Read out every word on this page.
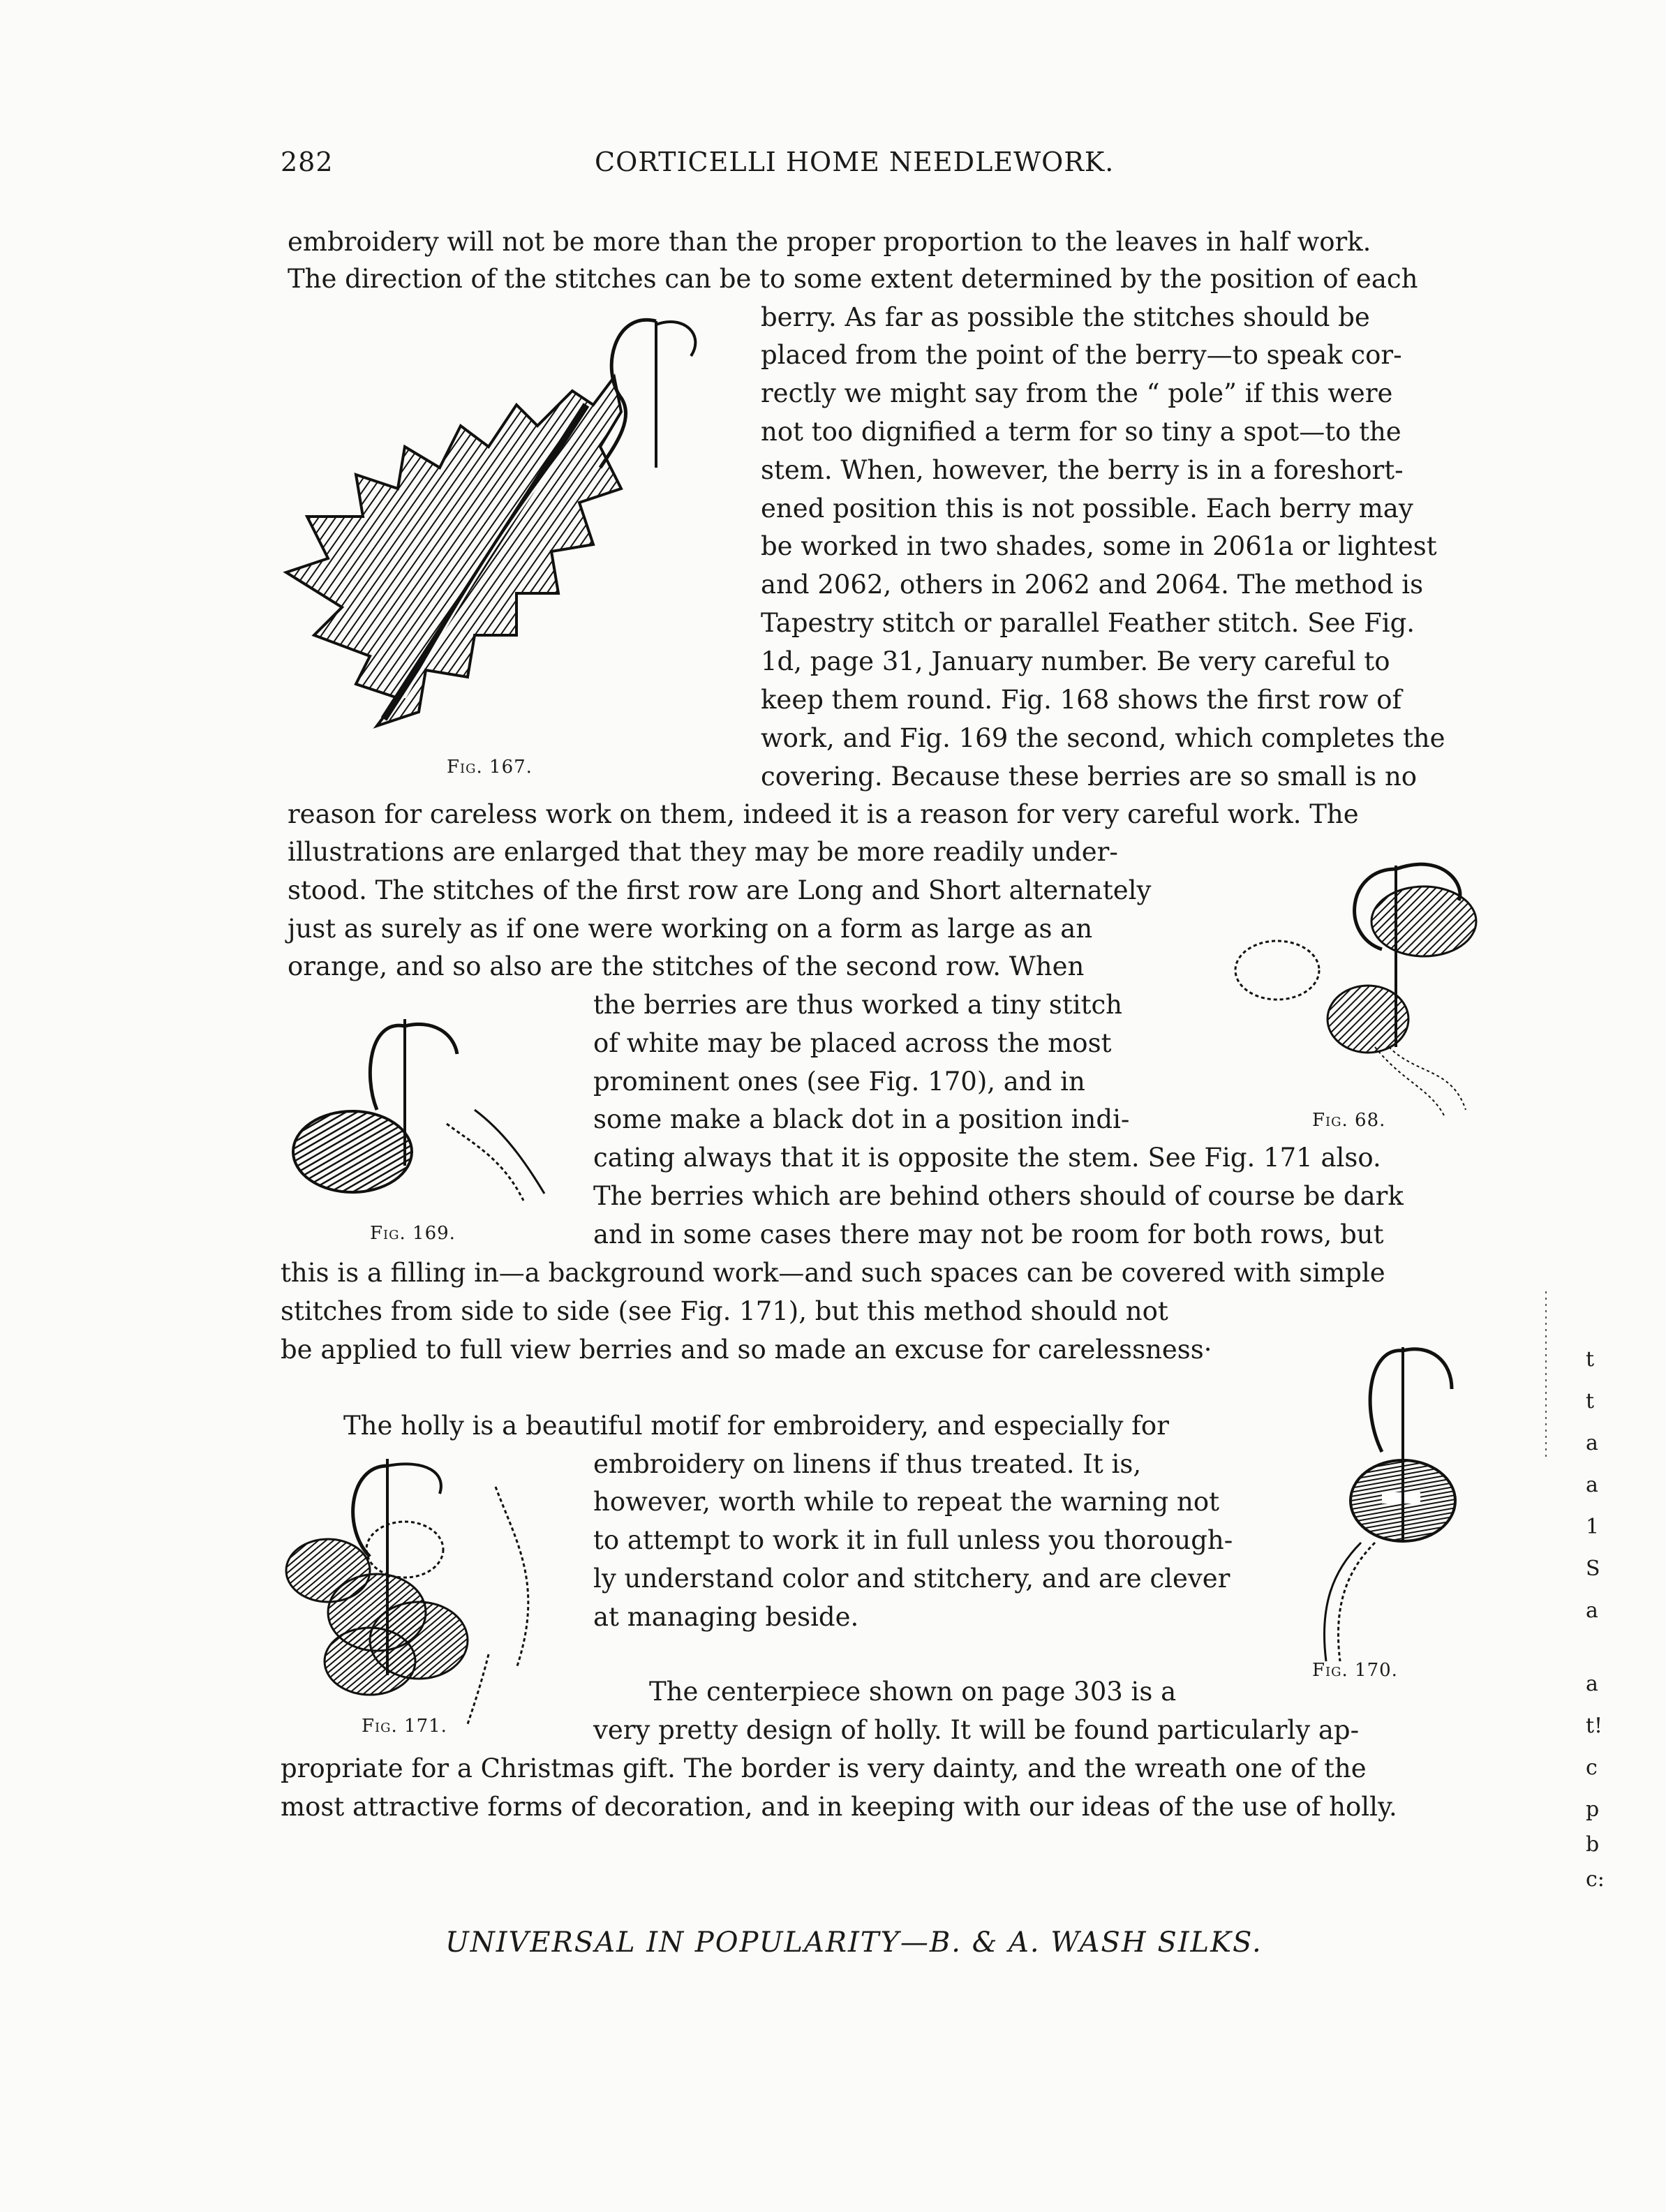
282	CORTICELLI HOME NEEDLEWORK.
embroidery will not be more than the proper proportion to the leaves in half work.
The direction of the stitches can be to some extent determined by the position of each
berry. As far as possible the stitches should be
placed from the point of the berry—to speak cor-
rectly we might say from the “ pole” if this were
not too dignified a term for so tiny a spot—to the
stem. When, however, the berry is in a foreshort-
ened position this is not possible. Each berry may
be worked in two shades, some in 2061a or lightest
and 2062, others in 2062 and 2064. The method is
Tapestry stitch or parallel Feather stitch. See Fig.
1d, page 31, January number. Be very careful to
keep them round. Fig. 168 shows the first row of
work, and Fig. 169 the second, which completes the
covering. Because these berries are so small is no
reason for careless work on them, indeed it is a reason for very careful work. The
illustrations are enlarged that they may be more readily under-
stood. The stitches of the first row are Long and Short alternately
just as surely as if one were working on a form as large as an
orange, and so also are the stitches of the second row. When
the berries are thus worked a tiny stitch
of white may be placed across the most
prominent ones (see Fig. 170), and in
some make a black dot in a position indi-
cating always that it is opposite the stem. See Fig. 171 also.
The berries which are behind others should of course be dark
and in some cases there may not be room for both rows, but
this is a filling in—a background work—and such spaces can be covered with simple
stitches from side to side (see Fig. 171), but this method should not
be applied to full view berries and so made an excuse for carelessness·
The holly is a beautiful motif for embroidery, and especially for
embroidery on linens if thus treated. It is,
however, worth while to repeat the warning not
to attempt to work it in full unless you thorough-
ly understand color and stitchery, and are clever
at managing beside.
The centerpiece shown on page 303 is a
very pretty design of holly. It will be found particularly ap-
propriate for a Christmas gift. The border is very dainty, and the wreath one of the
most attractive forms of decoration, and in keeping with our ideas of the use of holly.
Fig. 167.
Fig. 68.
Fig. 169.
Fig. 170.
Fig. 171.
UNIVERSAL IN POPULARITY—B. & A. WASH SILKS.
t
t
a
a
1
S
a
a
t!
c
p
b
c:
